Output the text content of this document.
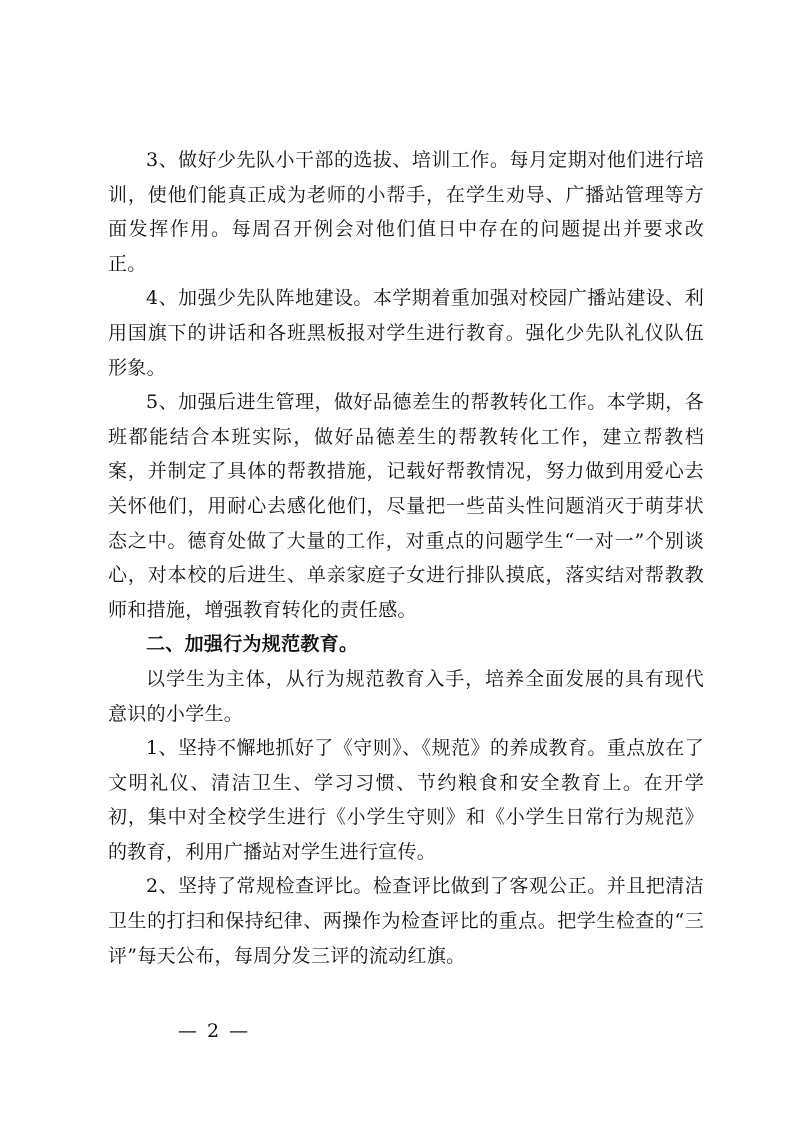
3、做好少先队小干部的选拔、培训工作。每月定期对他们进行培训，使他们能真正成为老师的小帮手，在学生劝导、广播站管理等方面发挥作用。每周召开例会对他们值日中存在的问题提出并要求改正。

4、加强少先队阵地建设。本学期着重加强对校园广播站建设、利用国旗下的讲话和各班黑板报对学生进行教育。强化少先队礼仪队伍形象。

5、加强后进生管理，做好品德差生的帮教转化工作。本学期，各班都能结合本班实际，做好品德差生的帮教转化工作，建立帮教档案，并制定了具体的帮教措施，记载好帮教情况，努力做到用爱心去关怀他们，用耐心去感化他们，尽量把一些苗头性问题消灭于萌芽状态之中。德育处做了大量的工作，对重点的问题学生“一对一”个别谈心，对本校的后进生、单亲家庭子女进行排队摸底，落实结对帮教教师和措施，增强教育转化的责任感。

二、加强行为规范教育。

以学生为主体，从行为规范教育入手，培养全面发展的具有现代意识的小学生。

1、坚持不懈地抓好了《守则》、《规范》的养成教育。重点放在了文明礼仪、清洁卫生、学习习惯、节约粮食和安全教育上。在开学初，集中对全校学生进行《小学生守则》和《小学生日常行为规范》的教育，利用广播站对学生进行宣传。

2、坚持了常规检查评比。检查评比做到了客观公正。并且把清洁卫生的打扫和保持纪律、两操作为检查评比的重点。把学生检查的“三评”每天公布，每周分发三评的流动红旗。

— 2 —
